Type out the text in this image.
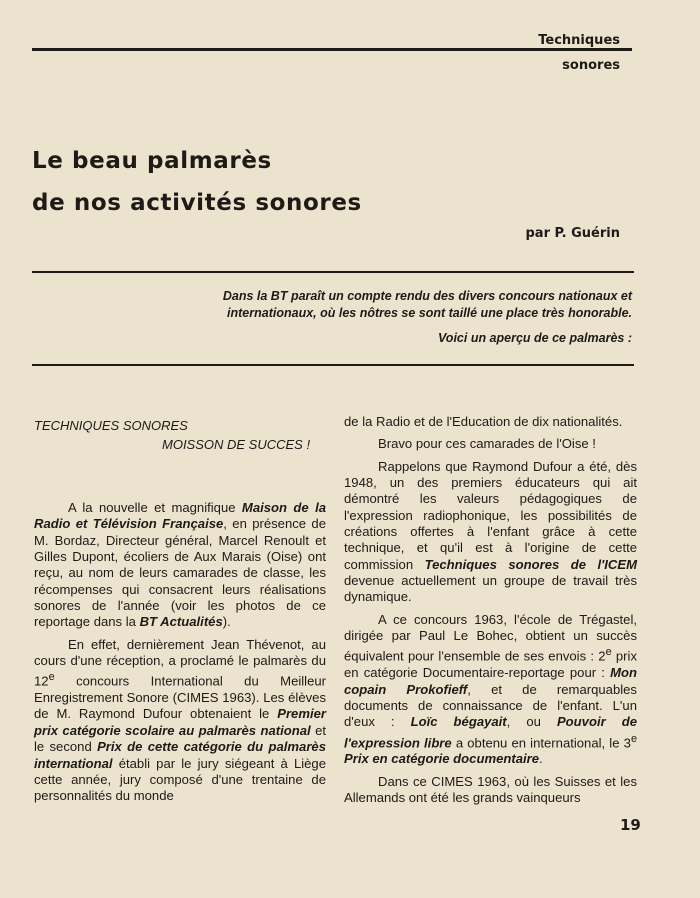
Techniques
sonores
Le beau palmarès
de nos activités sonores
par P. Guérin

Dans la BT paraît un compte rendu des divers concours nationaux et internationaux, où les nôtres se sont taillé une place très honorable.

Voici un aperçu de ce palmarès :

TECHNIQUES SONORES
MOISSON DE SUCCES !

A la nouvelle et magnifique Maison de la Radio et Télévision Française, en présence de M. Bordaz, Directeur général, Marcel Renoult et Gilles Dupont, écoliers de Aux Marais (Oise) ont reçu, au nom de leurs camarades de classe, les récompenses qui consacrent leurs réalisations sonores de l'année (voir les photos de ce reportage dans la BT Actualités).

En effet, dernièrement Jean Thévenot, au cours d'une réception, a proclamé le palmarès du 12e concours International du Meilleur Enregistrement Sonore (CIMES 1963). Les élèves de M. Raymond Dufour obtenaient le Premier prix catégorie scolaire au palmarès national et le second Prix de cette catégorie du palmarès international établi par le jury siégeant à Liège cette année, jury composé d'une trentaine de personnalités du monde

de la Radio et de l'Education de dix nationalités.

Bravo pour ces camarades de l'Oise !

Rappelons que Raymond Dufour a été, dès 1948, un des premiers éducateurs qui ait démontré les valeurs pédagogiques de l'expression radiophonique, les possibilités de créations offertes à l'enfant grâce à cette technique, et qu'il est à l'origine de cette commission Techniques sonores de l'ICEM devenue actuellement un groupe de travail très dynamique.

A ce concours 1963, l'école de Trégastel, dirigée par Paul Le Bohec, obtient un succès équivalent pour l'ensemble de ses envois : 2e prix en catégorie Documentaire-reportage pour : Mon copain Prokofieff, et de remarquables documents de connaissance de l'enfant. L'un d'eux : Loïc bégayait, ou Pouvoir de l'expression libre a obtenu en international, le 3e Prix en catégorie documentaire.

Dans ce CIMES 1963, où les Suisses et les Allemands ont été les grands vainqueurs

19
